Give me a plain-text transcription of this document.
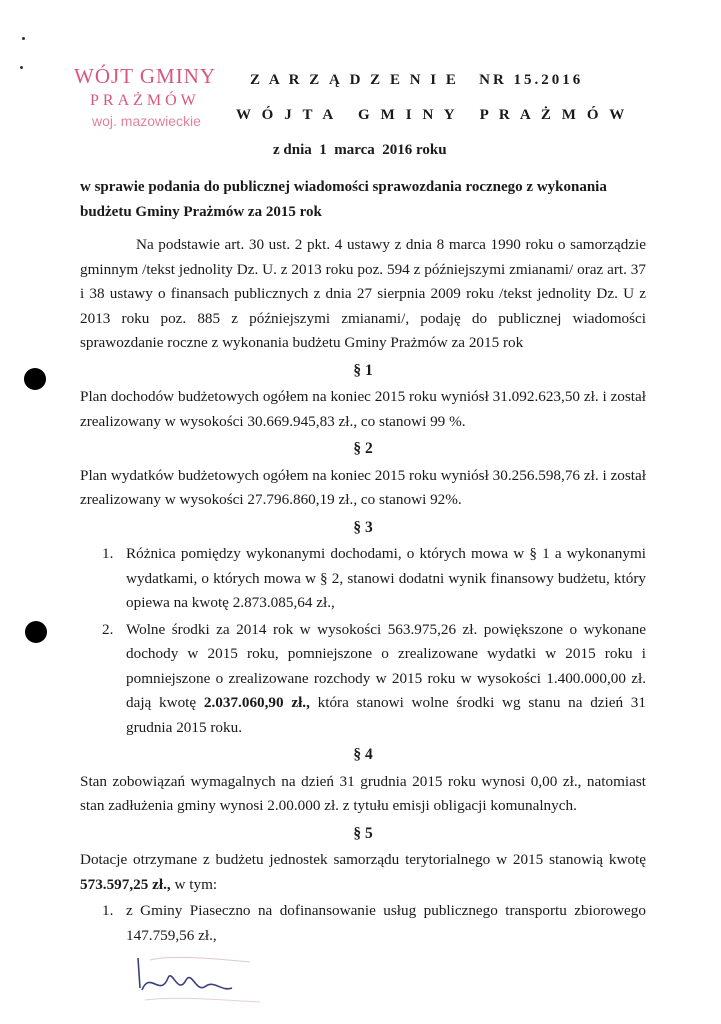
WÓJT GMINY
PRAŻMÓW
woj. mazowieckie
Z A R Z Ą D Z E N I E   NR 15.2016
W Ó J T A   G M I N Y   P R A Ż M Ó W
z dnia  1  marca  2016 roku
w sprawie podania do publicznej wiadomości sprawozdania rocznego z wykonania budżetu Gminy Prażmów za 2015 rok

Na podstawie art. 30 ust. 2 pkt. 4 ustawy z dnia 8 marca 1990 roku o samorządzie gminnym /tekst jednolity Dz. U. z 2013 roku poz. 594 z późniejszymi zmianami/ oraz art. 37 i 38 ustawy o finansach publicznych z dnia 27 sierpnia 2009 roku /tekst jednolity Dz. U z 2013 roku poz. 885 z późniejszymi zmianami/, podaję do publicznej wiadomości sprawozdanie roczne z wykonania budżetu Gminy Prażmów za 2015 rok

§ 1

Plan dochodów budżetowych ogółem na koniec 2015 roku wyniósł 31.092.623,50 zł. i został zrealizowany w wysokości 30.669.945,83 zł., co stanowi 99 %.

§ 2

Plan wydatków budżetowych ogółem na koniec 2015 roku wyniósł 30.256.598,76 zł. i został zrealizowany w wysokości 27.796.860,19 zł., co stanowi 92%.

§ 3

1. Różnica pomiędzy wykonanymi dochodami, o których mowa w § 1 a wykonanymi wydatkami, o których mowa w § 2, stanowi dodatni wynik finansowy budżetu, który opiewa na kwotę 2.873.085,64 zł.,
2. Wolne środki za 2014 rok w wysokości 563.975,26 zł. powiększone o wykonane dochody w 2015 roku, pomniejszone o zrealizowane wydatki w 2015 roku i pomniejszone o zrealizowane rozchody w 2015 roku w wysokości 1.400.000,00 zł. dają kwotę 2.037.060,90 zł., która stanowi wolne środki wg stanu na dzień 31 grudnia 2015 roku.

§ 4

Stan zobowiązań wymagalnych na dzień 31 grudnia 2015 roku wynosi 0,00 zł., natomiast stan zadłużenia gminy wynosi 2.00.000 zł. z tytułu emisji obligacji komunalnych.

§ 5

Dotacje otrzymane z budżetu jednostek samorządu terytorialnego w 2015 stanowią kwotę 573.597,25 zł., w tym:

1. z Gminy Piaseczno na dofinansowanie usług publicznego transportu zbiorowego 147.759,56 zł.,
